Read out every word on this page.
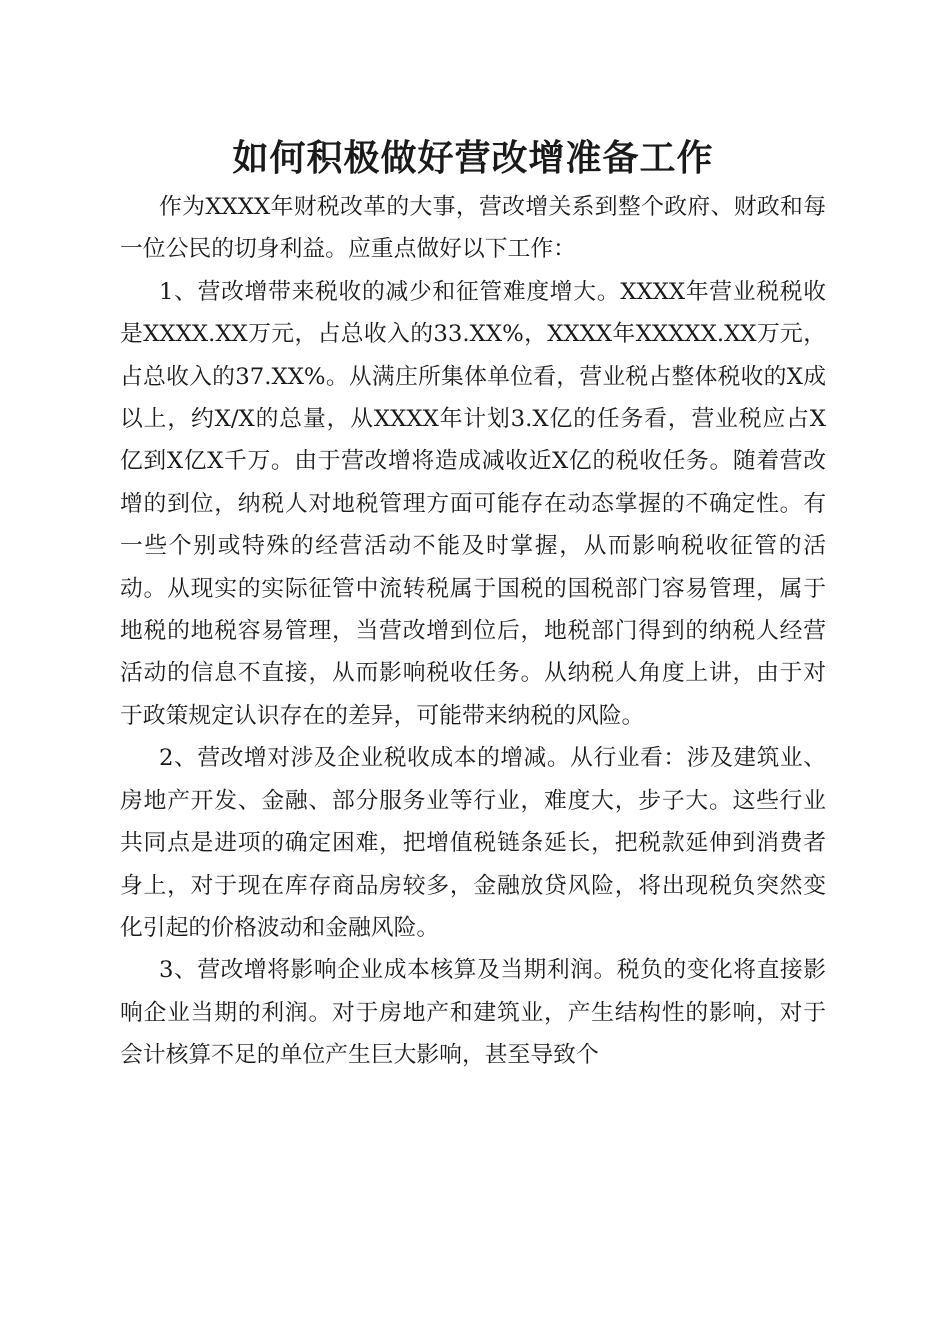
如何积极做好营改增准备工作

作为XXXX年财税改革的大事，营改增关系到整个政府、财政和每一位公民的切身利益。应重点做好以下工作：

1、营改增带来税收的减少和征管难度增大。XXXX年营业税税收是XXXX.XX万元，占总收入的33.XX%，XXXX年XXXXX.XX万元，占总收入的37.XX%。从满庄所集体单位看，营业税占整体税收的X成以上，约X/X的总量，从XXXX年计划3.X亿的任务看，营业税应占X亿到X亿X千万。由于营改增将造成减收近X亿的税收任务。随着营改增的到位，纳税人对地税管理方面可能存在动态掌握的不确定性。有一些个别或特殊的经营活动不能及时掌握，从而影响税收征管的活动。从现实的实际征管中流转税属于国税的国税部门容易管理，属于地税的地税容易管理，当营改增到位后，地税部门得到的纳税人经营活动的信息不直接，从而影响税收任务。从纳税人角度上讲，由于对于政策规定认识存在的差异，可能带来纳税的风险。

2、营改增对涉及企业税收成本的增减。从行业看：涉及建筑业、房地产开发、金融、部分服务业等行业，难度大，步子大。这些行业共同点是进项的确定困难，把增值税链条延长，把税款延伸到消费者身上，对于现在库存商品房较多，金融放贷风险，将出现税负突然变化引起的价格波动和金融风险。

3、营改增将影响企业成本核算及当期利润。税负的变化将直接影响企业当期的利润。对于房地产和建筑业，产生结构性的影响，对于会计核算不足的单位产生巨大影响，甚至导致个
